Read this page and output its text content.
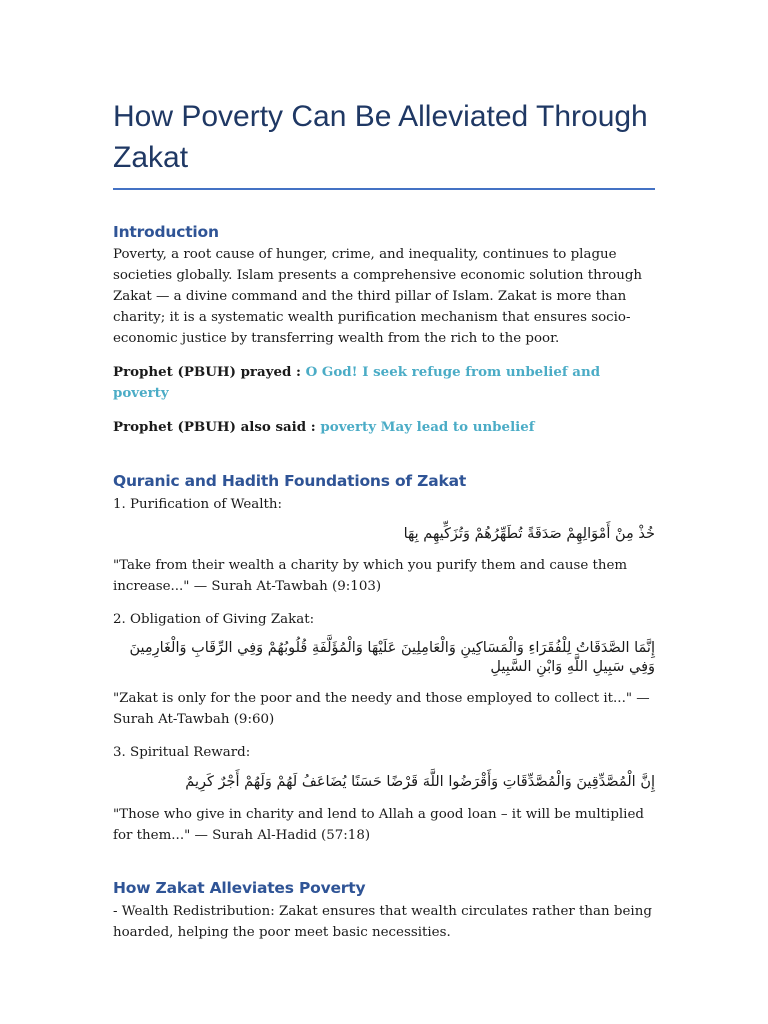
How Poverty Can Be Alleviated Through Zakat
Introduction

Poverty, a root cause of hunger, crime, and inequality, continues to plague societies globally. Islam presents a comprehensive economic solution through Zakat — a divine command and the third pillar of Islam. Zakat is more than charity; it is a systematic wealth purification mechanism that ensures socio-economic justice by transferring wealth from the rich to the poor.

Prophet (PBUH) prayed : O God! I seek refuge from unbelief and poverty

Prophet (PBUH) also said : poverty May lead to unbelief

Quranic and Hadith Foundations of Zakat

1. Purification of Wealth:

خُذْ مِنْ أَمْوَالِهِمْ صَدَقَةً تُطَهِّرُهُمْ وَتُزَكِّيهِم بِهَا

"Take from their wealth a charity by which you purify them and cause them increase..." — Surah At-Tawbah (9:103)

2. Obligation of Giving Zakat:

إِنَّمَا الصَّدَقَاتُ لِلْفُقَرَاءِ وَالْمَسَاكِينِ وَالْعَامِلِينَ عَلَيْهَا وَالْمُؤَلَّفَةِ قُلُوبُهُمْ وَفِي الرِّقَابِ وَالْغَارِمِينَ وَفِي سَبِيلِ اللَّهِ وَابْنِ السَّبِيلِ

"Zakat is only for the poor and the needy and those employed to collect it..." — Surah At-Tawbah (9:60)

3. Spiritual Reward:

إِنَّ الْمُصَّدِّقِينَ وَالْمُصَّدِّقَاتِ وَأَقْرَضُوا اللَّهَ قَرْضًا حَسَنًا يُضَاعَفُ لَهُمْ وَلَهُمْ أَجْرٌ كَرِيمٌ

"Those who give in charity and lend to Allah a good loan – it will be multiplied for them..." — Surah Al-Hadid (57:18)

How Zakat Alleviates Poverty

- Wealth Redistribution: Zakat ensures that wealth circulates rather than being hoarded, helping the poor meet basic necessities.
